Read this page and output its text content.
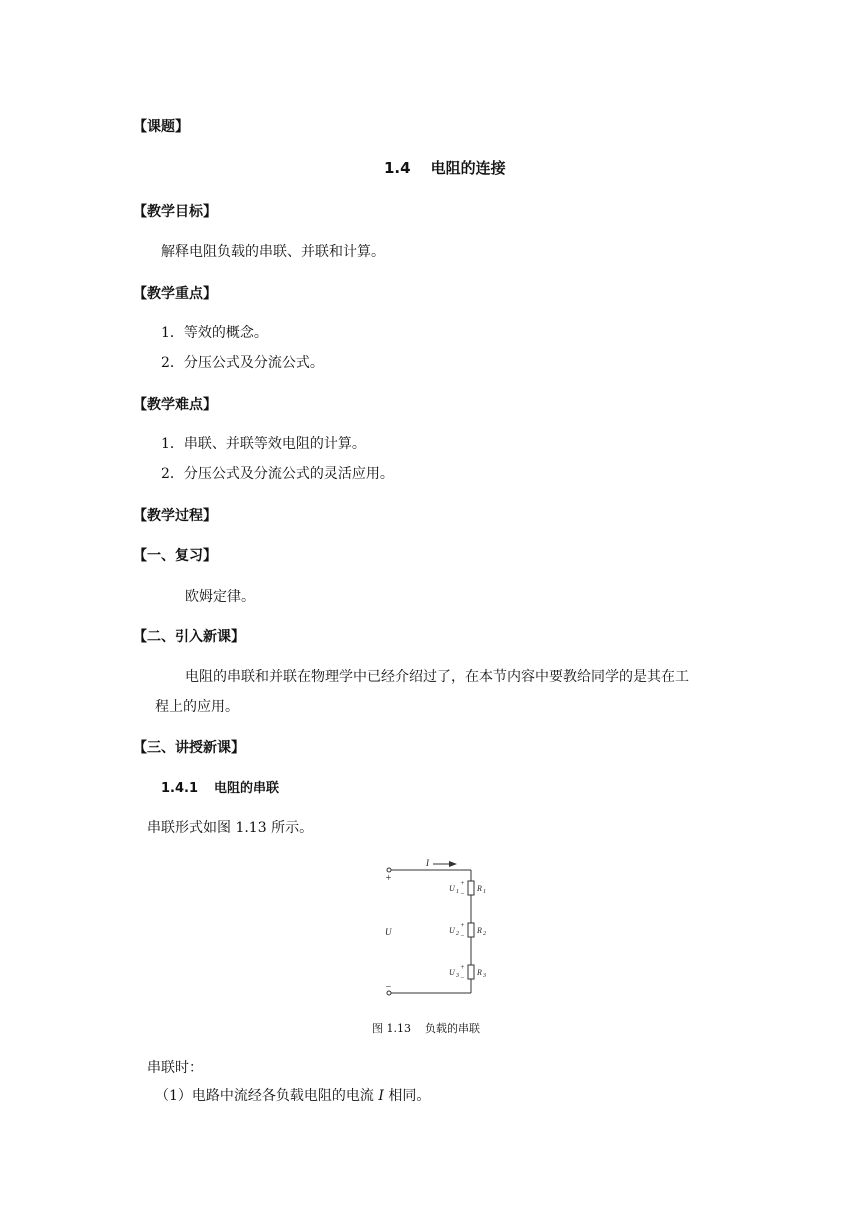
【课题】
1.4 电阻的连接
【教学目标】
解释电阻负载的串联、并联和计算。
【教学重点】
1．等效的概念。
2．分压公式及分流公式。
【教学难点】
1．串联、并联等效电阻的计算。
2．分压公式及分流公式的灵活应用。
【教学过程】
【一、复习】
欧姆定律。
【二、引入新课】
电阻的串联和并联在物理学中已经介绍过了，在本节内容中要教给同学的是其在工
程上的应用。
【三、讲授新课】
1.4.1 电阻的串联
串联形式如图 1.13 所示。
I
+
−
U
U 1
+
−
R 1
U 2
+
−
R 2
U 3
+
−
R 3
图 1.13 负载的串联
串联时：
（1）电路中流经各负载电阻的电流 I 相同。
